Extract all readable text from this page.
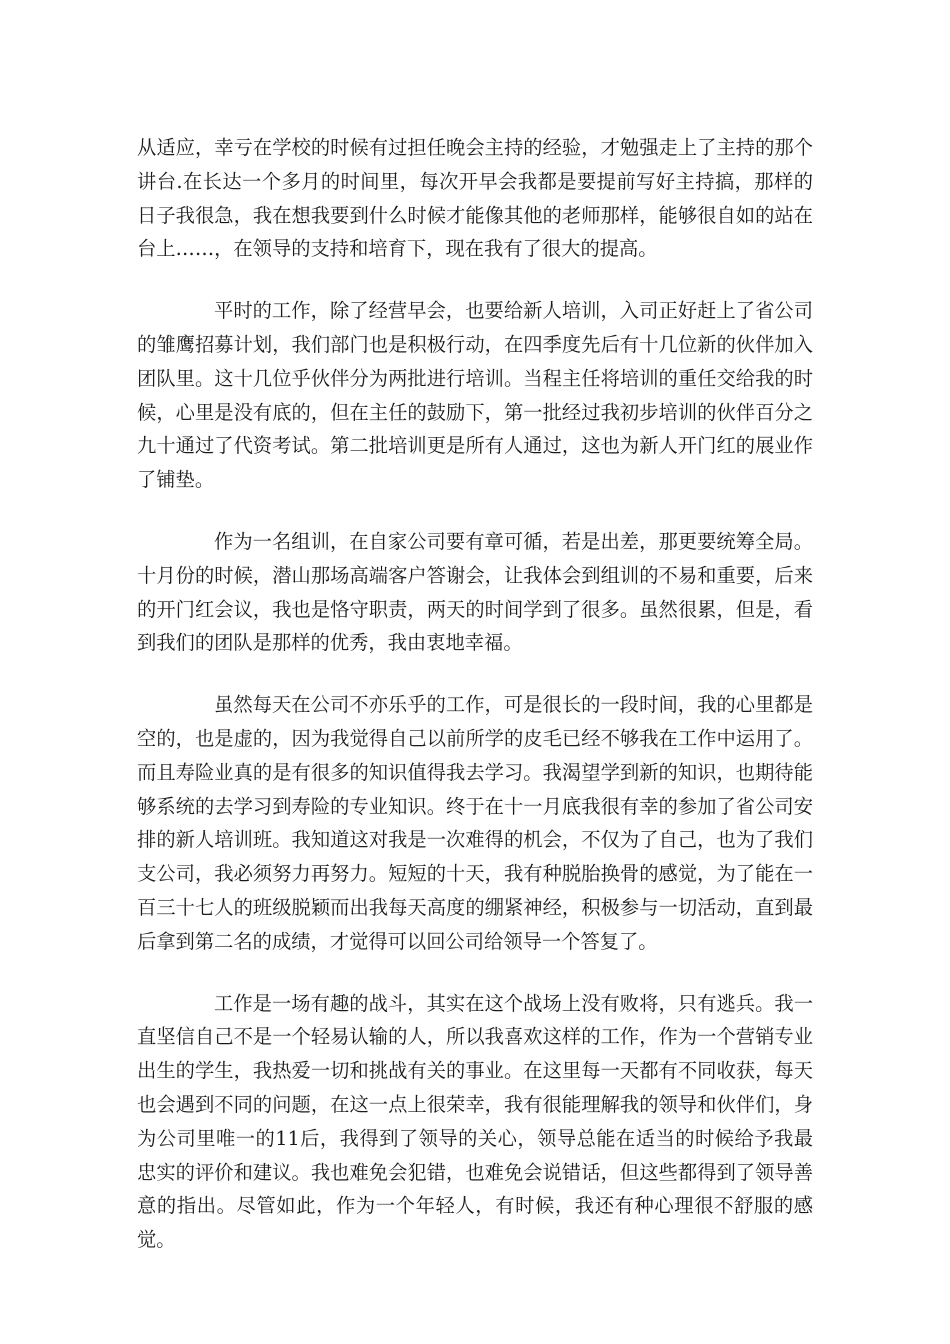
从适应，幸亏在学校的时候有过担任晚会主持的经验，才勉强走上了主持的那个讲台.在长达一个多月的时间里，每次开早会我都是要提前写好主持搞，那样的日子我很急，我在想我要到什么时候才能像其他的老师那样，能够很自如的站在台上……，在领导的支持和培育下，现在我有了很大的提高。

平时的工作，除了经营早会，也要给新人培训，入司正好赶上了省公司的雏鹰招募计划，我们部门也是积极行动，在四季度先后有十几位新的伙伴加入团队里。这十几位乎伙伴分为两批进行培训。当程主任将培训的重任交给我的时候，心里是没有底的，但在主任的鼓励下，第一批经过我初步培训的伙伴百分之九十通过了代资考试。第二批培训更是所有人通过，这也为新人开门红的展业作了铺垫。

作为一名组训，在自家公司要有章可循，若是出差，那更要统筹全局。十月份的时候，潜山那场高端客户答谢会，让我体会到组训的不易和重要，后来的开门红会议，我也是恪守职责，两天的时间学到了很多。虽然很累，但是，看到我们的团队是那样的优秀，我由衷地幸福。

虽然每天在公司不亦乐乎的工作，可是很长的一段时间，我的心里都是空的，也是虚的，因为我觉得自己以前所学的皮毛已经不够我在工作中运用了。而且寿险业真的是有很多的知识值得我去学习。我渴望学到新的知识，也期待能够系统的去学习到寿险的专业知识。终于在十一月底我很有幸的参加了省公司安排的新人培训班。我知道这对我是一次难得的机会，不仅为了自己，也为了我们支公司，我必须努力再努力。短短的十天，我有种脱胎换骨的感觉，为了能在一百三十七人的班级脱颖而出我每天高度的绷紧神经，积极参与一切活动，直到最后拿到第二名的成绩，才觉得可以回公司给领导一个答复了。

工作是一场有趣的战斗，其实在这个战场上没有败将，只有逃兵。我一直坚信自己不是一个轻易认输的人，所以我喜欢这样的工作，作为一个营销专业出生的学生，我热爱一切和挑战有关的事业。在这里每一天都有不同收获，每天也会遇到不同的问题，在这一点上很荣幸，我有很能理解我的领导和伙伴们，身为公司里唯一的11后，我得到了领导的关心，领导总能在适当的时候给予我最忠实的评价和建议。我也难免会犯错，也难免会说错话，但这些都得到了领导善意的指出。尽管如此，作为一个年轻人，有时候，我还有种心理很不舒服的感觉。
